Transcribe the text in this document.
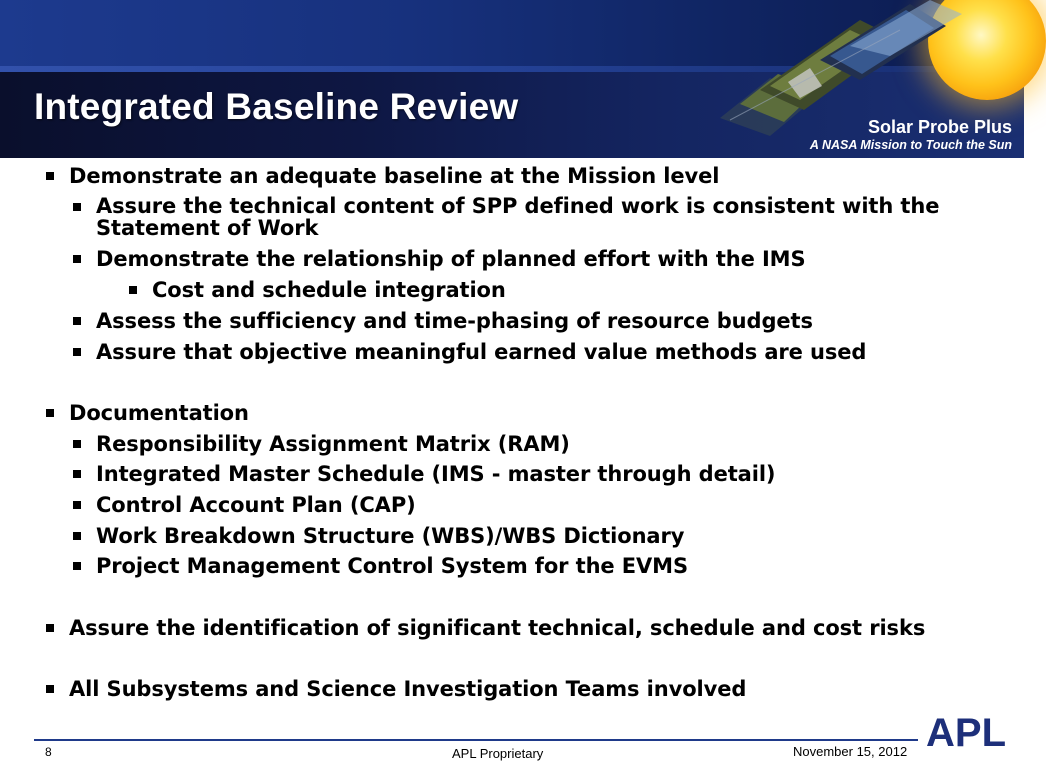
Integrated Baseline Review	Solar Probe Plus
A NASA Mission to Touch the Sun
Demonstrate an adequate baseline at the Mission level
Assure the technical content of SPP defined work is consistent with the Statement of Work
Demonstrate the relationship of planned effort with the IMS
Cost and schedule integration
Assess the sufficiency and time-phasing of resource budgets
Assure that objective meaningful earned value methods are used
Documentation
Responsibility Assignment Matrix (RAM)
Integrated Master Schedule (IMS - master through detail)
Control Account Plan (CAP)
Work Breakdown Structure (WBS)/WBS Dictionary
Project Management Control System for the EVMS
Assure the identification of significant technical, schedule and cost risks
All Subsystems and Science Investigation Teams involved
8	APL Proprietary	November 15, 2012 APL
